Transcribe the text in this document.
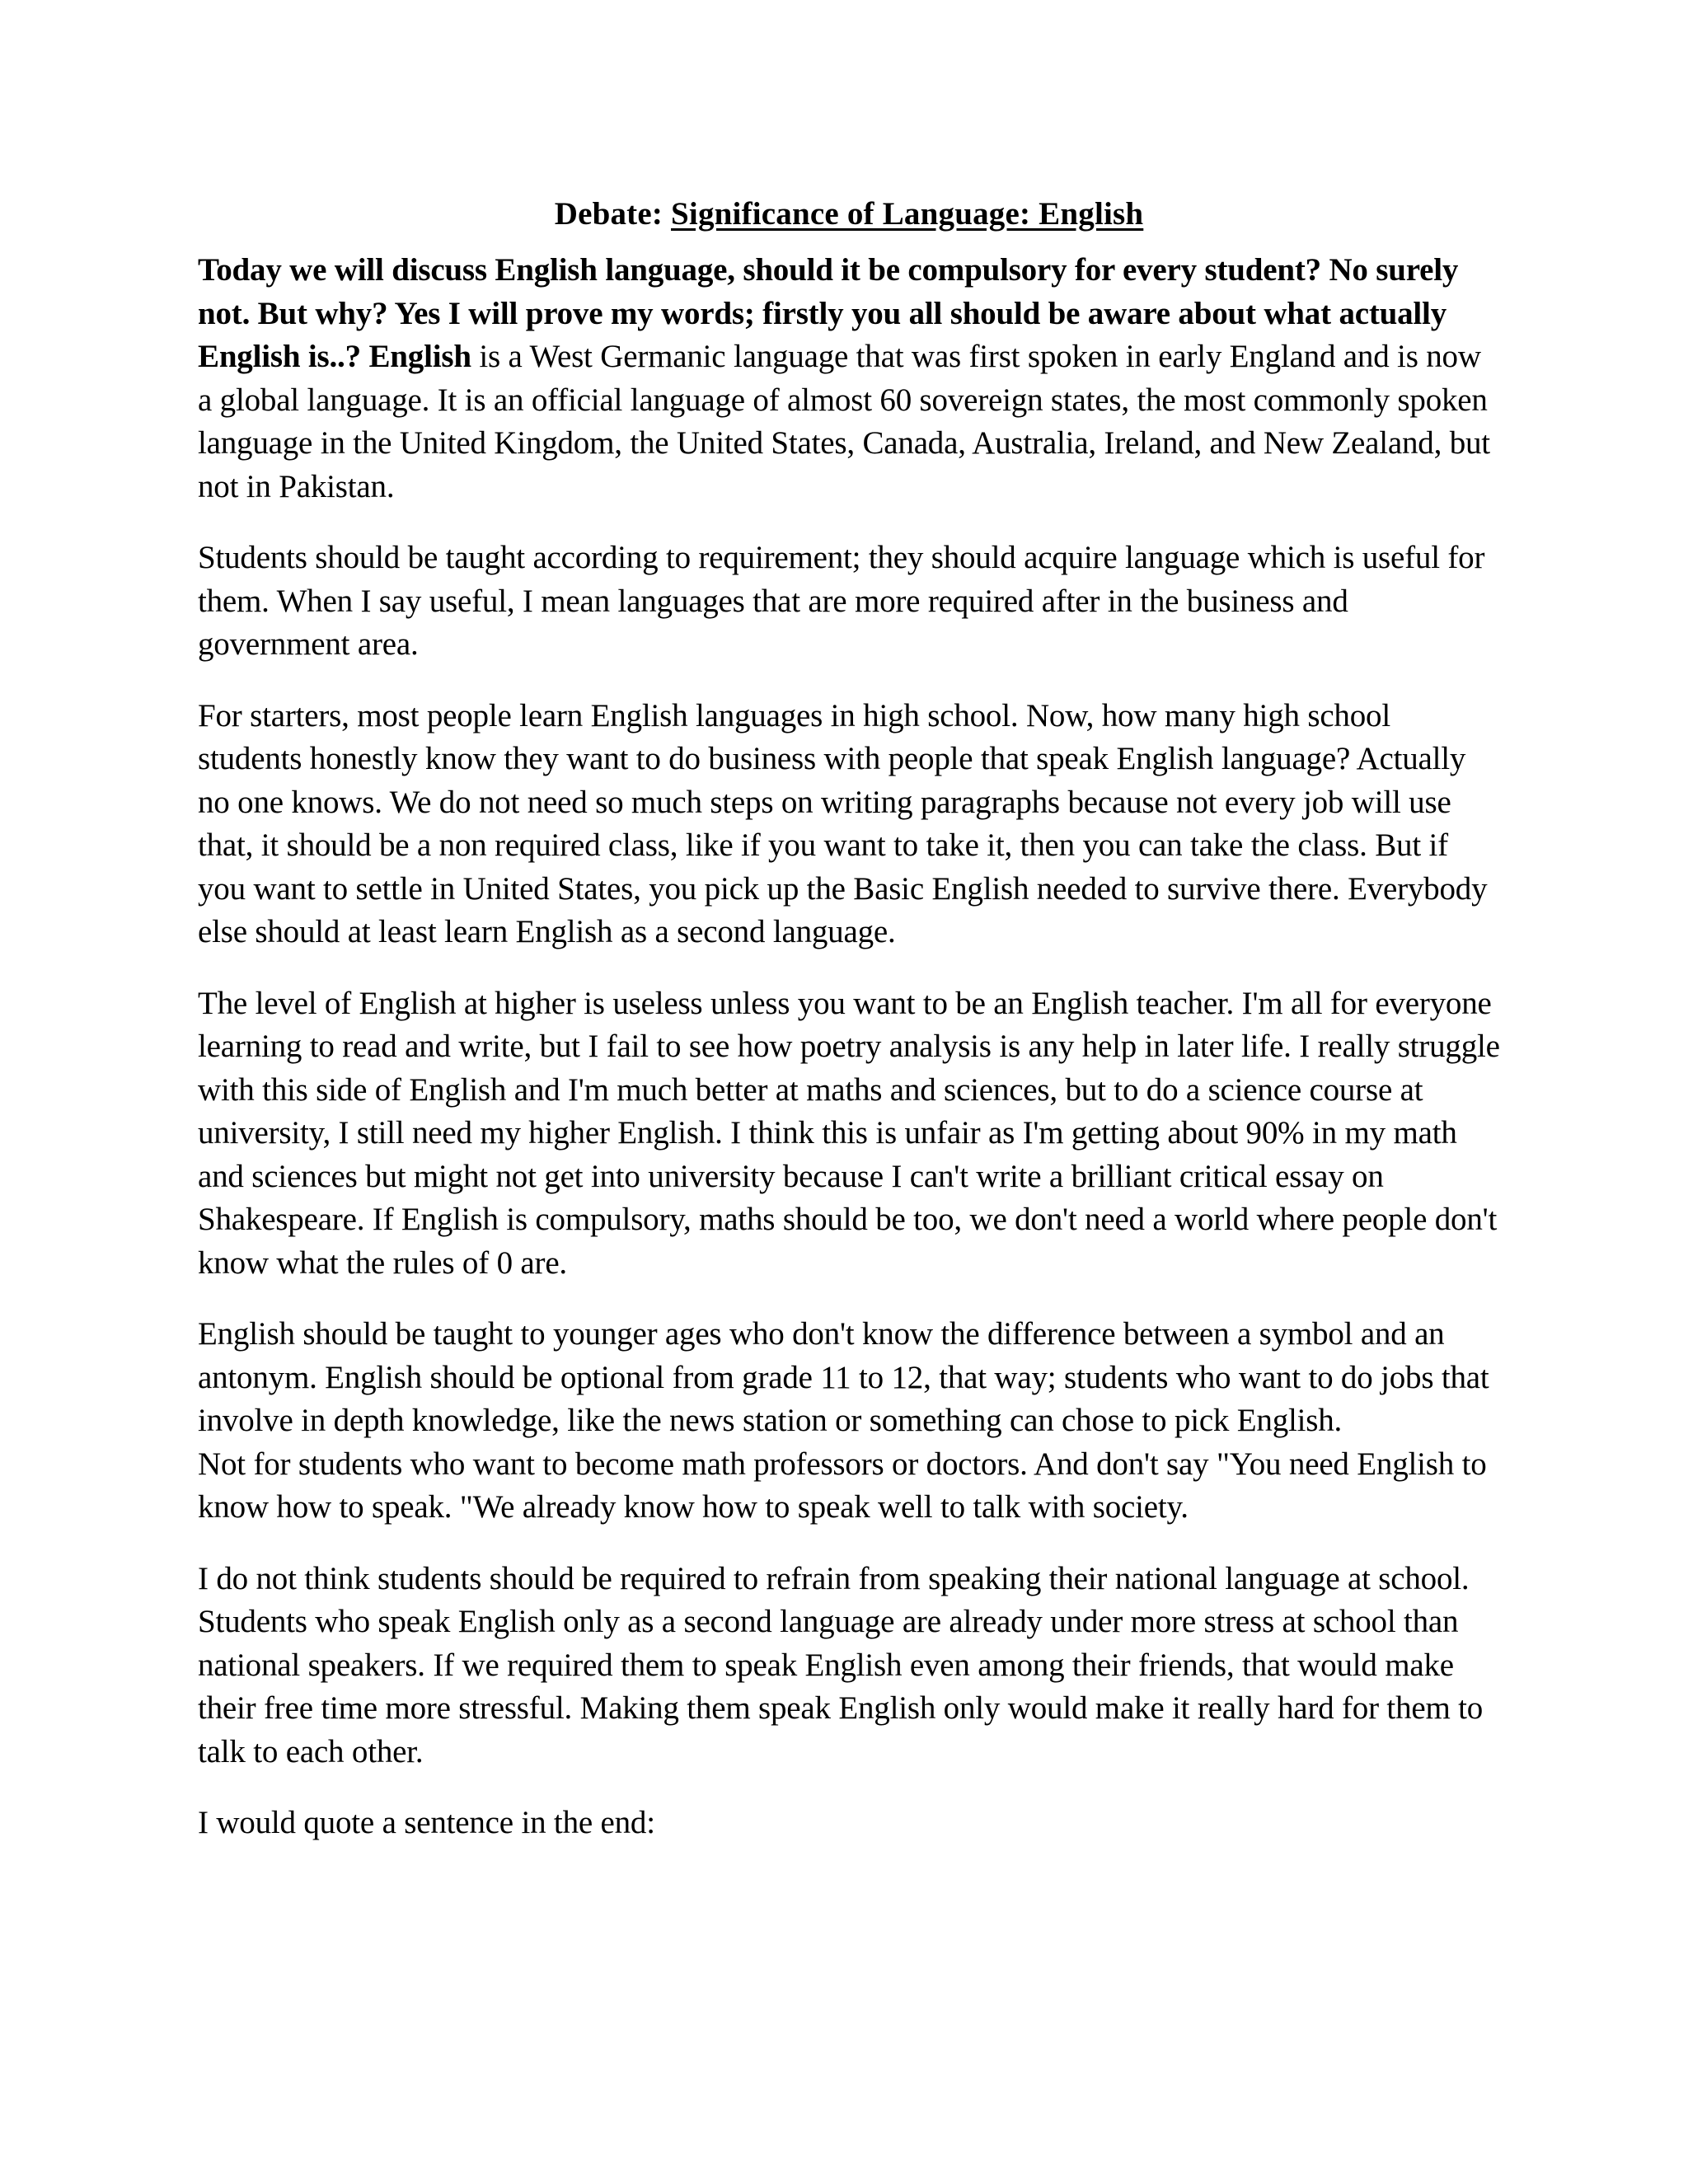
Debate: Significance of Language: English

Today we will discuss English language, should it be compulsory for every student? No surely not. But why? Yes I will prove my words; firstly you all should be aware about what actually English is..? English is a West Germanic language that was first spoken in early England and is now a global language. It is an official language of almost 60 sovereign states, the most commonly spoken language in the United Kingdom, the United States, Canada, Australia, Ireland, and New Zealand, but not in Pakistan.

Students should be taught according to requirement; they should acquire language which is useful for them. When I say useful, I mean languages that are more required after in the business and government area.

For starters, most people learn English languages in high school. Now, how many high school students honestly know they want to do business with people that speak English language? Actually no one knows. We do not need so much steps on writing paragraphs because not every job will use that, it should be a non required class, like if you want to take it, then you can take the class. But if you want to settle in United States, you pick up the Basic English needed to survive there. Everybody else should at least learn English as a second language.

The level of English at higher is useless unless you want to be an English teacher. I'm all for everyone learning to read and write, but I fail to see how poetry analysis is any help in later life. I really struggle with this side of English and I'm much better at maths and sciences, but to do a science course at university, I still need my higher English. I think this is unfair as I'm getting about 90% in my math and sciences but might not get into university because I can't write a brilliant critical essay on Shakespeare. If English is compulsory, maths should be too, we don't need a world where people don't know what the rules of 0 are.

English should be taught to younger ages who don't know the difference between a symbol and an antonym. English should be optional from grade 11 to 12, that way; students who want to do jobs that involve in depth knowledge, like the news station or something can chose to pick English.

Not for students who want to become math professors or doctors. And don't say "You need English to know how to speak. "We already know how to speak well to talk with society.

I do not think students should be required to refrain from speaking their national language at school. Students who speak English only as a second language are already under more stress at school than national speakers. If we required them to speak English even among their friends, that would make their free time more stressful. Making them speak English only would make it really hard for them to talk to each other.

I would quote a sentence in the end:
